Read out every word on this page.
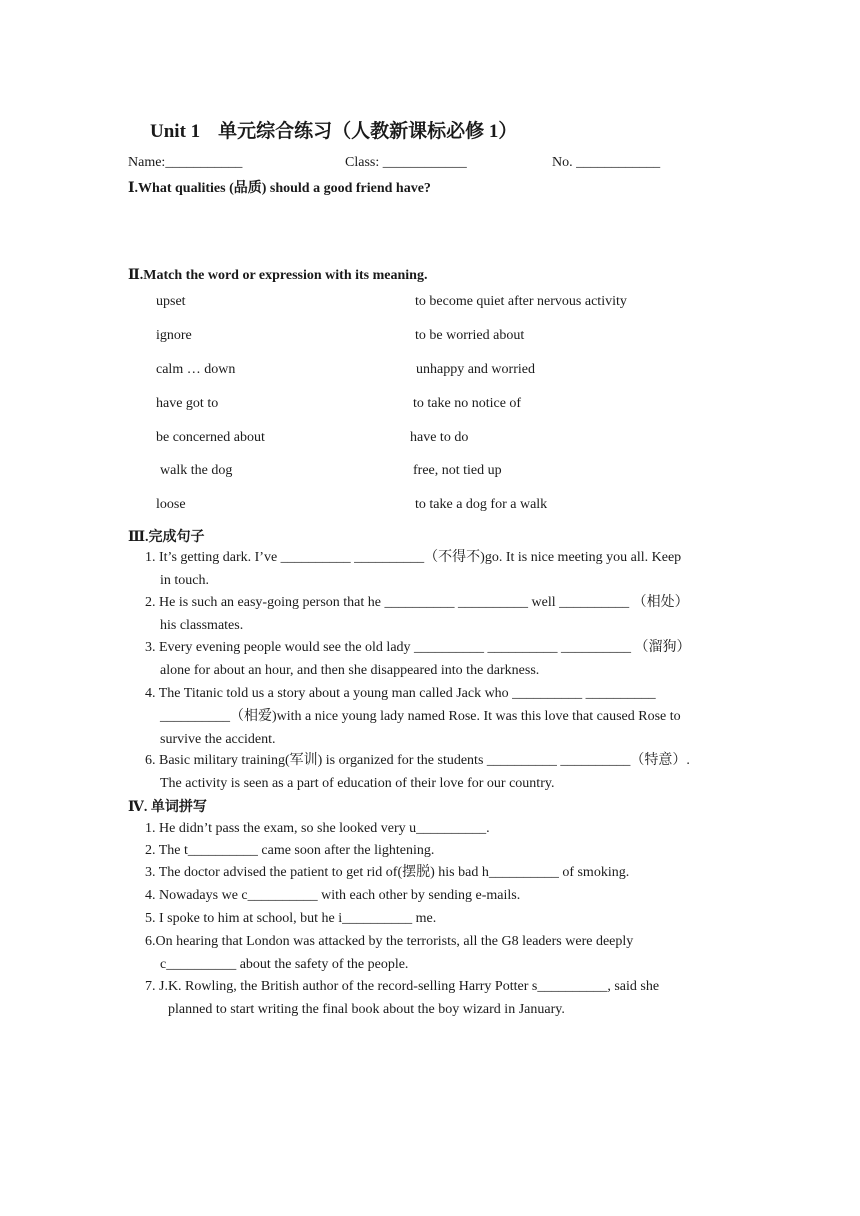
Unit 1 单元综合练习（人教新课标必修 1）
Name:___________	Class: ____________	No. ____________
Ⅰ.What qualities (品质) should a good friend have?
Ⅱ.Match the word or expression with its meaning.
upset
ignore
calm … down
have got to
be concerned about
walk the dog
loose
to become quiet after nervous activity
to be worried about
unhappy and worried
to take no notice of
have to do
free, not tied up
to take a dog for a walk
Ⅲ.完成句子
1. It’s getting dark. I’ve __________ __________（不得不)go. It is nice meeting you all. Keep
in touch.
2. He is such an easy-going person that he __________ __________ well __________ （相处）
his classmates.
3. Every evening people would see the old lady __________ __________ __________ （溜狗）
alone for about an hour, and then she disappeared into the darkness.
4. The Titanic told us a story about a young man called Jack who __________ __________
__________（相爱)with a nice young lady named Rose. It was this love that caused Rose to
survive the accident.
6. Basic military training(军训) is organized for the students __________ __________（特意）.
The activity is seen as a part of education of their love for our country.
Ⅳ. 单词拼写
1. He didn’t pass the exam, so she looked very u__________.
2. The t__________ came soon after the lightening.
3. The doctor advised the patient to get rid of(摆脱) his bad h__________ of smoking.
4. Nowadays we c__________ with each other by sending e-mails.
5. I spoke to him at school, but he i__________ me.
6.On hearing that London was attacked by the terrorists, all the G8 leaders were deeply
c__________ about the safety of the people.
7. J.K. Rowling, the British author of the record-selling Harry Potter s__________, said she
planned to start writing the final book about the boy wizard in January.
